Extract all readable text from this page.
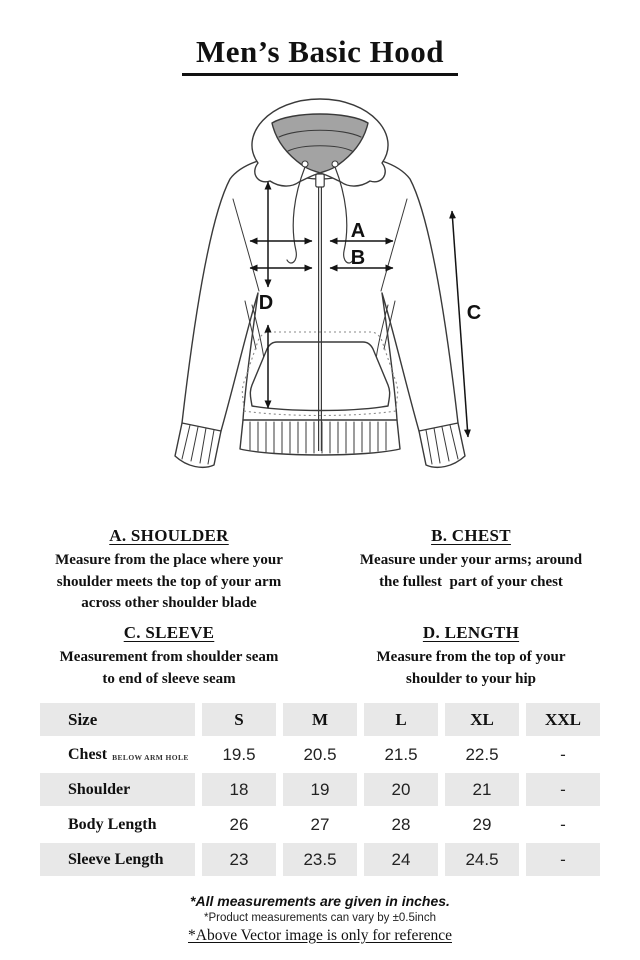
Men’s Basic Hood
A
B
D	C
A. SHOULDER
Measure from the place where your
shoulder meets the top of your arm
across other shoulder blade
B. CHEST
Measure under your arms; around
the fullest  part of your chest
C. SLEEVE
Measurement from shoulder seam
to end of sleeve seam
D. LENGTH
Measure from the top of your
shoulder to your hip
Size	S	M	L	XL	XXL
Chest BELOW ARM HOLE	19.5	20.5	21.5	22.5	-
Shoulder	18	19	20	21	-
Body Length	26	27	28	29	-
Sleeve Length	23	23.5	24	24.5	-
*All measurements are given in inches.
*Product measurements can vary by ±0.5inch
*Above Vector image is only for reference
